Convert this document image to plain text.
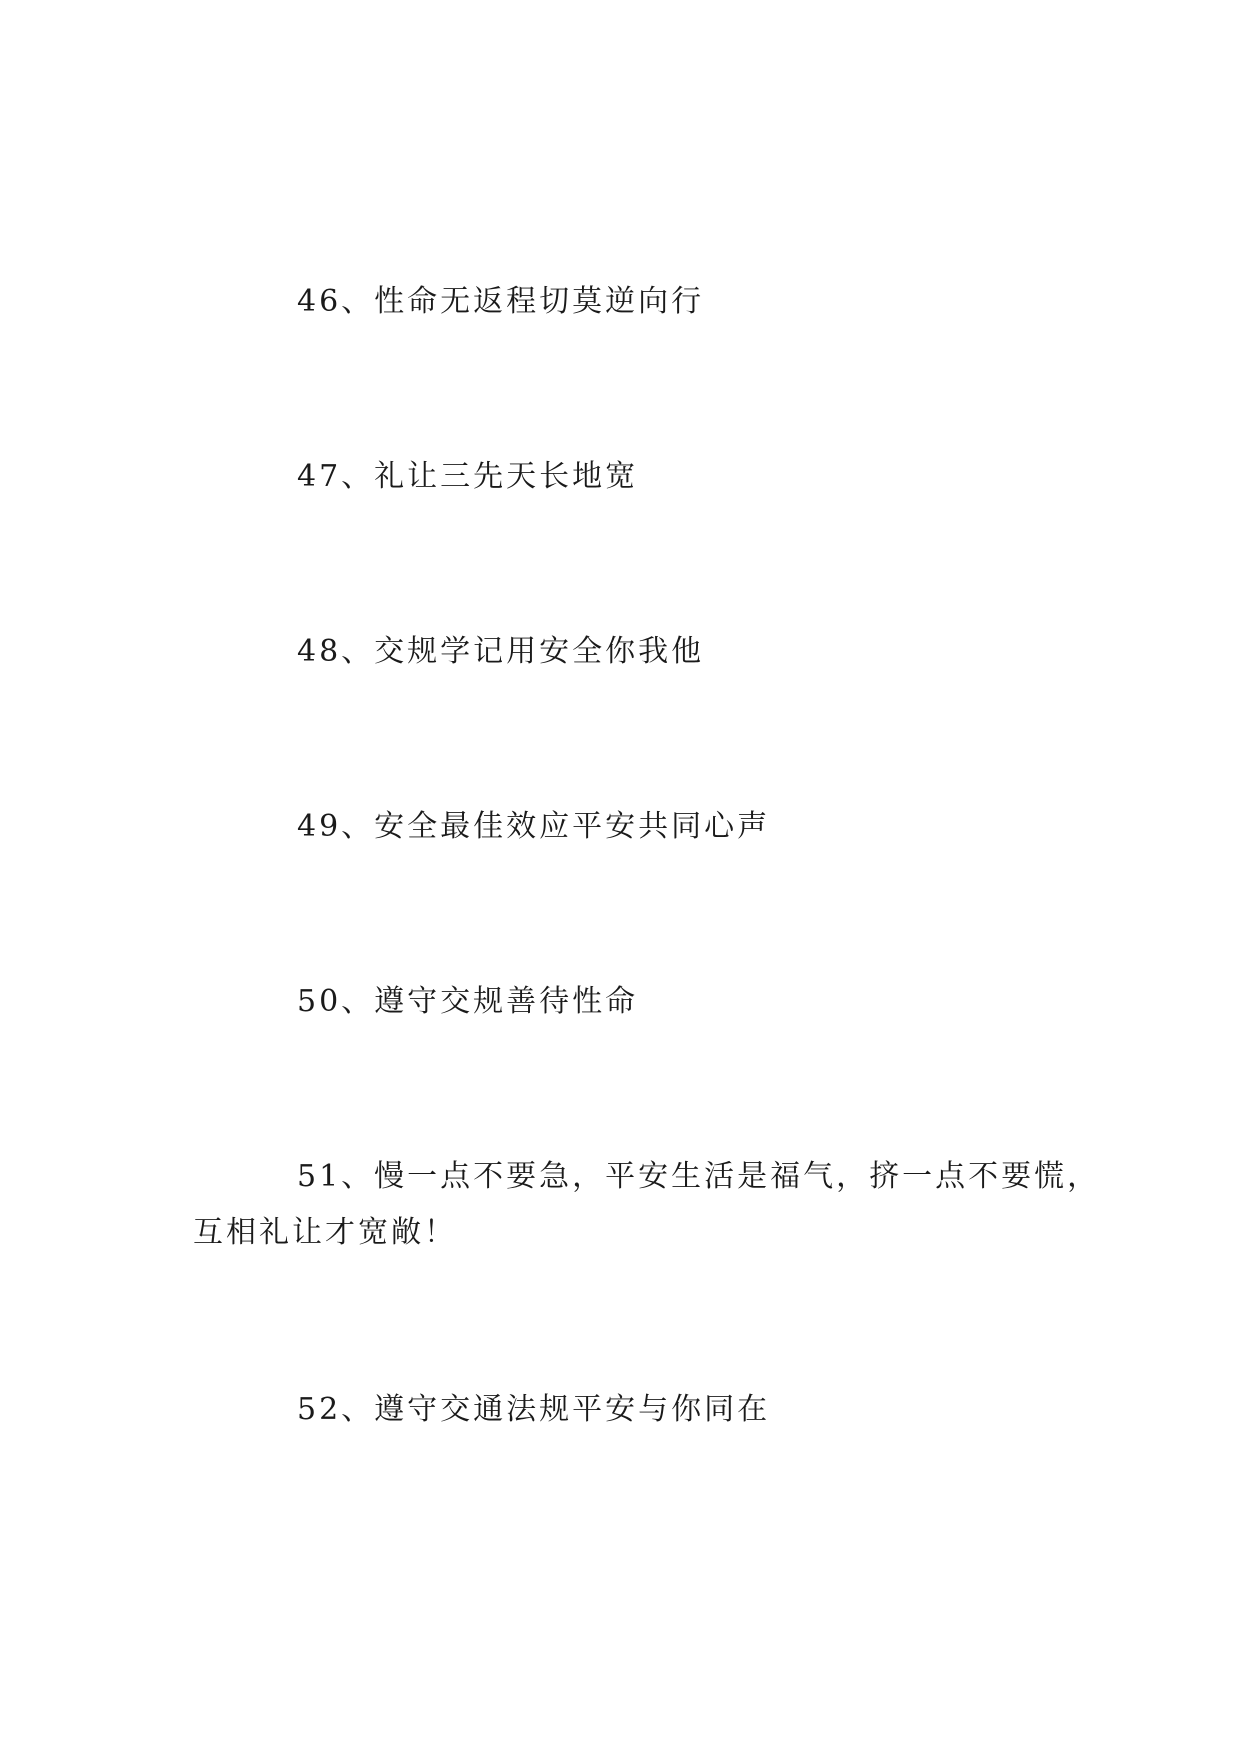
46、性命无返程切莫逆向行
47、礼让三先天长地宽
48、交规学记用安全你我他
49、安全最佳效应平安共同心声
50、遵守交规善待性命
51、慢一点不要急，平安生活是福气，挤一点不要慌，
互相礼让才宽敞！
52、遵守交通法规平安与你同在
